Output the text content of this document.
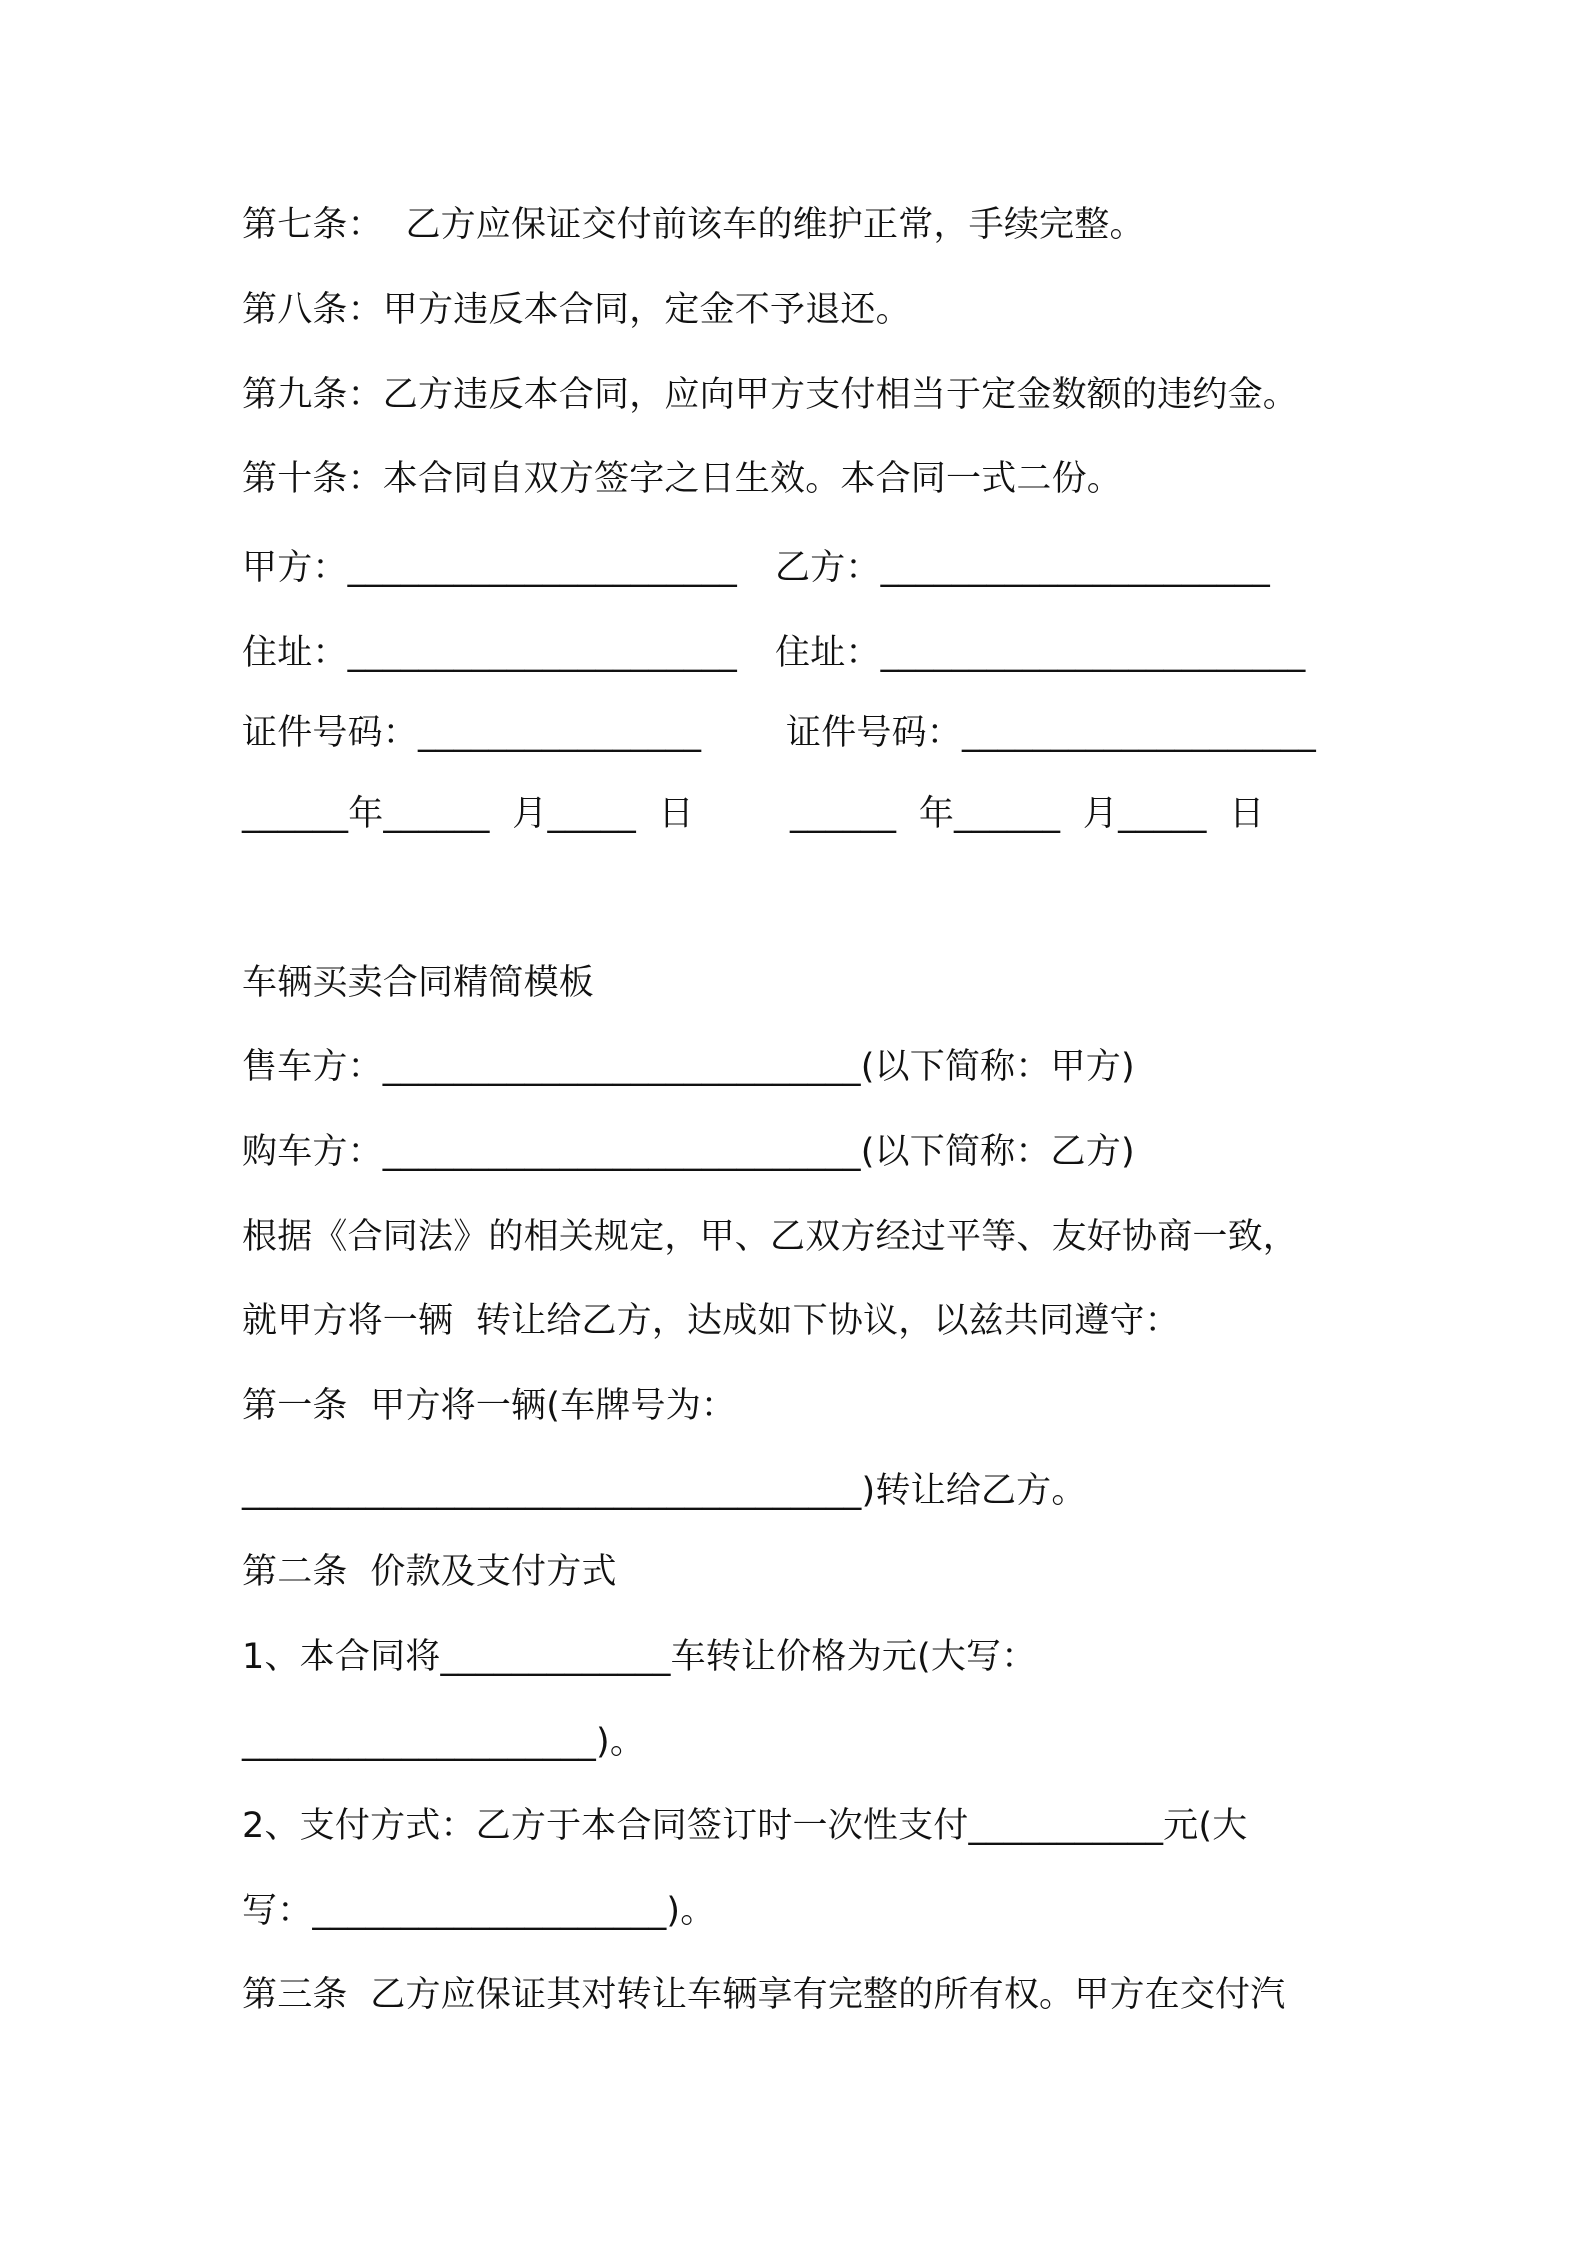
第七条：  乙方应保证交付前该车的维护正常，手续完整。
第八条：甲方违反本合同，定金不予退还。
第九条：乙方违反本合同，应向甲方支付相当于定金数额的违约金。
第十条：本合同自双方签字之日生效。本合同一式二份。

甲方：______________________

乙方：______________________

住址：______________________

住址：________________________

证件号码：________________

证件号码：____________________

______年______  月_____  日

	______  年______  月_____  日

车辆买卖合同精简模板
售车方：___________________________(以下简称：甲方)
购车方：___________________________(以下简称：乙方)
根据《合同法》的相关规定，甲、乙双方经过平等、友好协商一致，
就甲方将一辆  转让给乙方，达成如下协议，以兹共同遵守：
第一条  甲方将一辆(车牌号为：
___________________________________)转让给乙方。
第二条  价款及支付方式
1、本合同将_____________车转让价格为元(大写：
____________________)。
2、支付方式：乙方于本合同签订时一次性支付___________元(大
写：____________________)。
第三条  乙方应保证其对转让车辆享有完整的所有权。甲方在交付汽
